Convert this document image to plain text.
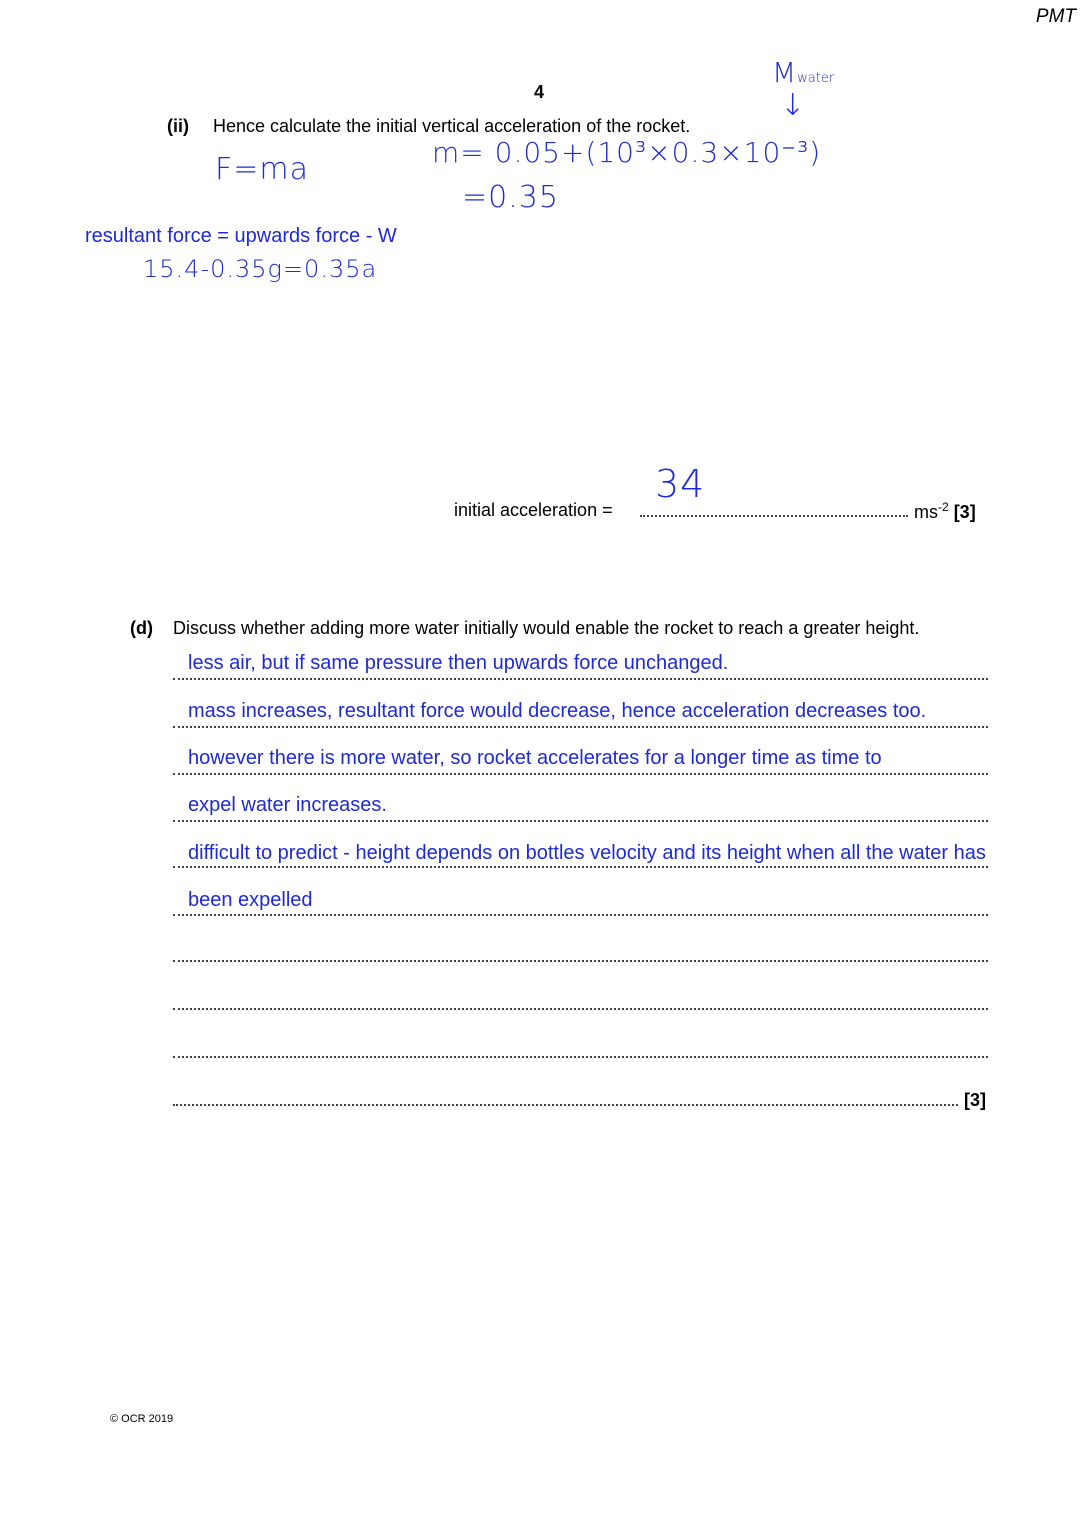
PMT
4
(ii) Hence calculate the initial vertical acceleration of the rocket.
Mwater
↓
F=ma	m= 0.05+(10³×0.3×10⁻³)
=0.35
resultant force = upwards force - W
15.4-0.35g=0.35a
initial acceleration =
34
$ms^{-2}$ [3]
(d) Discuss whether adding more water initially would enable the rocket to reach a greater height.
less air, but if same pressure then upwards force unchanged.
mass increases, resultant force would decrease, hence acceleration decreases too.
however there is more water, so rocket accelerates for a longer time as time to
expel water increases.
difficult to predict - height depends on bottles velocity and its height when all the water has
been expelled
[3]
© OCR 2019
